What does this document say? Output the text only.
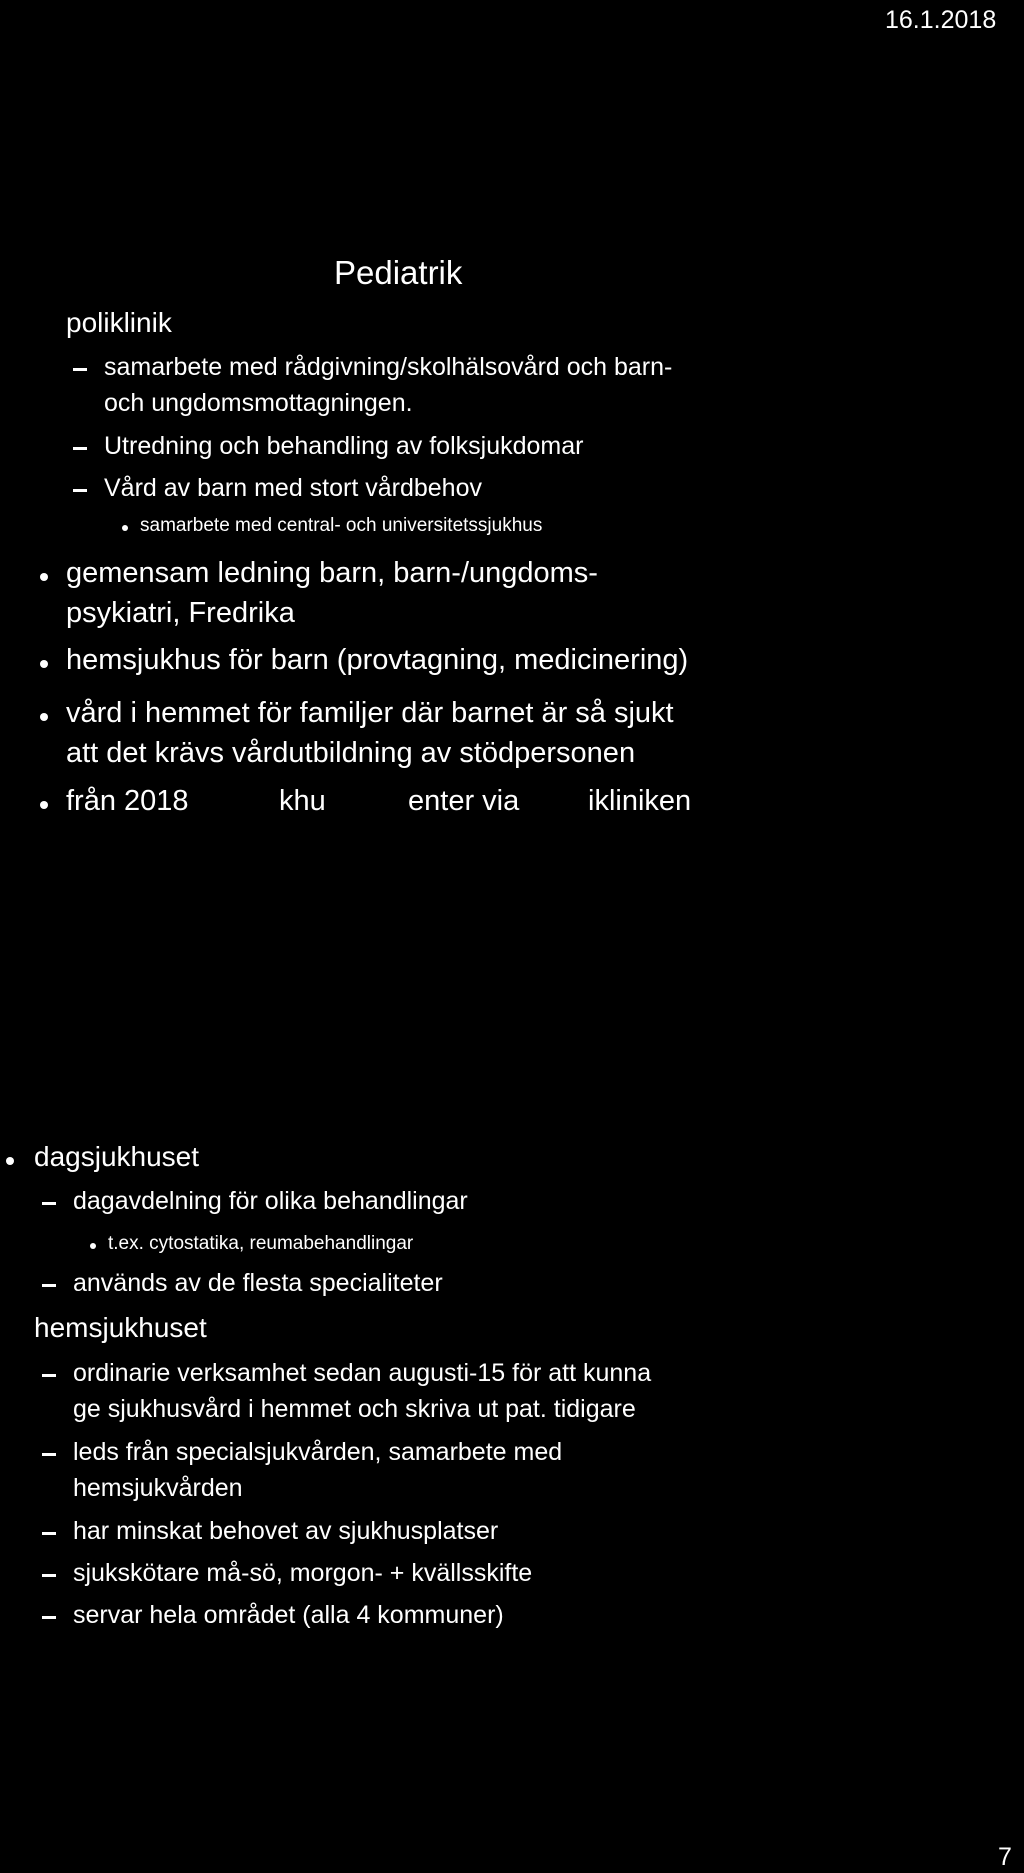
16.1.2018
Pediatrik
poliklinik
samarbete med rådgivning/skolhälsovård och barn-
och ungdomsmottagningen.
Utredning och behandling av folksjukdomar
Vård av barn med stort vårdbehov
samarbete med central- och universitetssjukhus
gemensam ledning barn, barn-/ungdoms-
psykiatri, Fredrika
hemsjukhus för barn (provtagning, medicinering)
vård i hemmet för familjer där barnet är så sjukt
att det krävs vårdutbildning av stödpersonen
från 2018	khu	enter via ikliniken
dagsjukhuset
dagavdelning för olika behandlingar
t.ex. cytostatika, reumabehandlingar
används av de flesta specialiteter
hemsjukhuset
ordinarie verksamhet sedan augusti-15 för att kunna
ge sjukhusvård i hemmet och skriva ut pat. tidigare
leds från specialsjukvården, samarbete med
hemsjukvården
har minskat behovet av sjukhusplatser
sjukskötare må-sö, morgon- + kvällsskifte
servar hela området (alla 4 kommuner)
7
